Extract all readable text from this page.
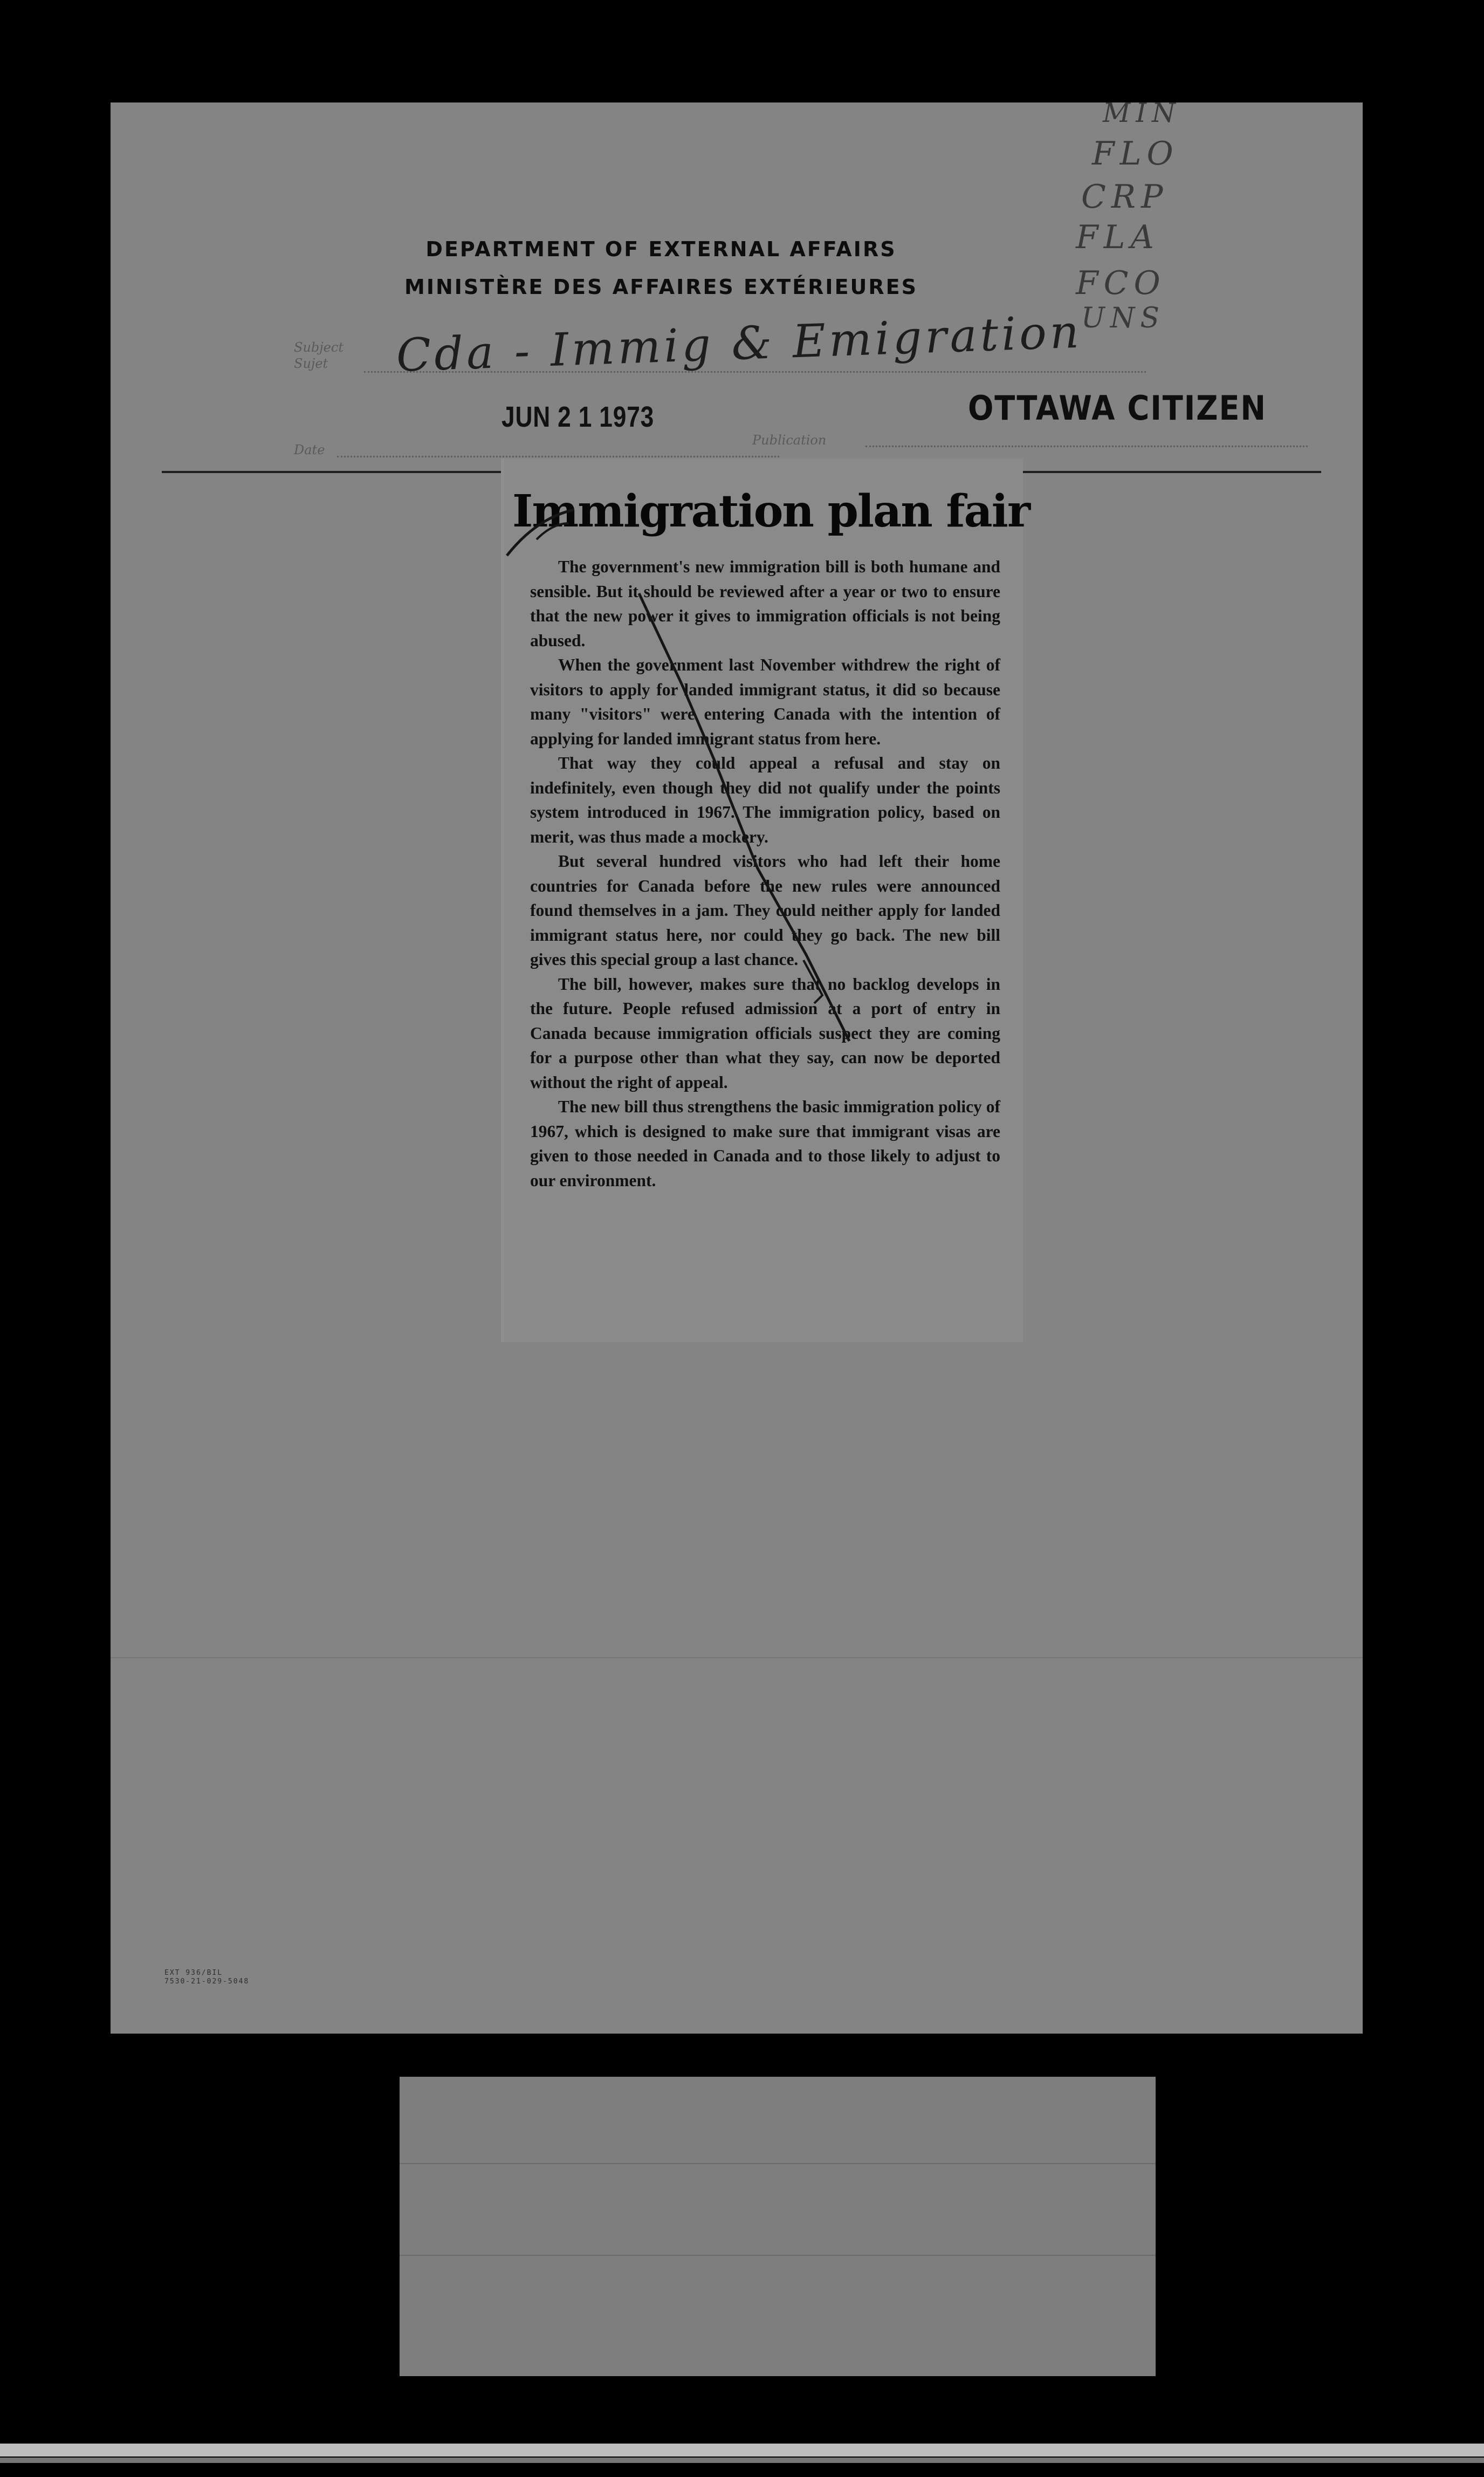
DEPARTMENT OF EXTERNAL AFFAIRS
MINISTÈRE DES AFFAIRES EXTÉRIEURES
Subject
Sujet Cda - Immig & Emigration
JUN 2 1 1973
Date
Publication
OTTAWA CITIZEN
MIN
FLO
CRP
FLA
FCO
UNS
EXT 936/BIL
7530-21-029-5048
Immigration plan fair

The government's new immigration bill is both humane and sensible. But it should be reviewed after a year or two to ensure that the new power it gives to immigration officials is not being abused.

When the government last November withdrew the right of visitors to apply for landed immigrant status, it did so because many "visitors" were entering Canada with the intention of applying for landed immigrant status from here.

That way they could appeal a refusal and stay on indefinitely, even though they did not qualify under the points system introduced in 1967. The immigration policy, based on merit, was thus made a mockery.

But several hundred visitors who had left their home countries for Canada before the new rules were announced found themselves in a jam. They could neither apply for landed immigrant status here, nor could they go back. The new bill gives this special group a last chance.

The bill, however, makes sure that no backlog develops in the future. People refused admission at a port of entry in Canada because immigration officials suspect they are coming for a purpose other than what they say, can now be deported without the right of appeal.

The new bill thus strengthens the basic immigration policy of 1967, which is designed to make sure that immigrant visas are given to those needed in Canada and to those likely to adjust to our environment.
